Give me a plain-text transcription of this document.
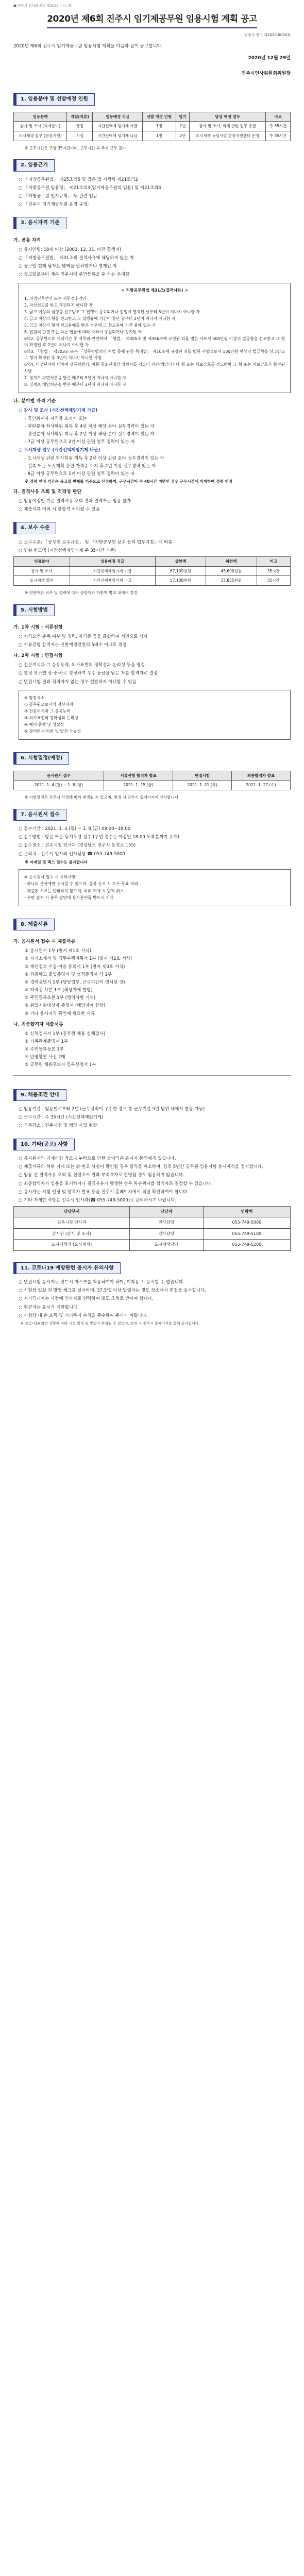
■ 진주시 인사과 공고 제2020-○○○호
2020년 제6회 진주시 임기제공무원 임용시험 계획 공고
진주시 공고 제2020-0000호

2020년 제6회 진주시 임기제공무원 임용시험 계획을 다음과 같이 공고합니다.

2020년 12월 29일
진주시인사위원회위원장
1. 임용분야 및 선발예정 인원
임용분야	직렬(직류)	임용예정 직급	선발 예정 인원	임기	담당 예정 업무	비고
감사 및 조사 (회계분야)	행정	시간선택제 임기제 가급	1명	2년	감사 및 조사, 회계 관련 업무 총괄	주 35시간
도시재생 업무 (현장지원)	시설	시간선택제 임기제 나급	1명	2년	도시재생 뉴딜사업 현장지원센터 운영	주 35시간

※ 근무시간은 주당 35시간이며, 근무시간 외 추가 근무 불가

2. 임용근거

○ 「지방공무원법」 제25조의5 및 같은 법 시행령 제21조의2

○ 「지방공무원 임용령」 제21조의3(임기제공무원의 임용) 및 제21조의4

○ 「지방공무원 인사규칙」 등 관련 법규

○ 「진주시 임기제공무원 운영 규정」

3. 응시자격 기준
가. 공통 자격

○ 응시연령: 18세 이상 (2002. 12. 31. 이전 출생자)

○ 「지방공무원법」 제31조의 결격사유에 해당하지 않는 자

○ 공고일 현재 남자는 병역을 필하였거나 면제된 자

○ 공고일로부터 계속 진주시에 주민등록을 둔 자는 우대함

< 지방공무원법 제31조(결격사유) >

1. 피성년후견인 또는 피한정후견인

2. 파산선고를 받고 복권되지 아니한 자

3. 금고 이상의 실형을 선고받고 그 집행이 종료되거나 집행이 면제된 날부터 5년이 지나지 아니한 자

4. 금고 이상의 형을 선고받고 그 집행유예 기간이 끝난 날부터 2년이 지나지 아니한 자

5. 금고 이상의 형의 선고유예를 받은 경우에 그 선고유예 기간 중에 있는 자

6. 법원의 판결 또는 다른 법률에 따라 자격이 상실되거나 정지된 자

6의2. 공무원으로 재직기간 중 직무와 관련하여 「형법」 제355조 및 제356조에 규정된 죄를 범한 자로서 300만원 이상의 벌금형을 선고받고 그 형이 확정된 후 2년이 지나지 아니한 자

6의3. 「형법」 제303조 또는 「성폭력범죄의 처벌 등에 관한 특례법」 제10조에 규정된 죄를 범한 사람으로서 100만원 이상의 벌금형을 선고받고 그 형이 확정된 후 3년이 지나지 아니한 사람

6의4. 미성년자에 대하여 성폭력범죄, 아동·청소년대상 성범죄를 저질러 파면·해임되거나 형 또는 치료감호를 선고받아 그 형 또는 치료감호가 확정된 사람

7. 징계로 파면처분을 받은 때부터 5년이 지나지 아니한 자

8. 징계로 해임처분을 받은 때부터 3년이 지나지 아니한 자

나. 분야별 자격 기준

○ 감사 및 조사 (시간선택제임기제 가급)

- 공인회계사 자격증 소지자 또는

- 관련분야 학사학위 취득 후 4년 이상 해당 분야 실무경력이 있는 자

- 관련분야 석사학위 취득 후 2년 이상 해당 분야 실무경력이 있는 자

- 7급 이상 공무원으로 2년 이상 관련 업무 경력이 있는 자

○ 도시재생 업무 (시간선택제임기제 나급)

- 도시재생 관련 학사학위 취득 후 2년 이상 관련 분야 실무경력이 있는 자

- 건축 또는 도시계획 관련 자격증 소지 후 2년 이상 실무경력 있는 자

- 8급 이상 공무원으로 1년 이상 관련 업무 경력이 있는 자

※ 경력 인정 기간은 공고일 현재를 기준으로 산정하며, 근무시간이 주 40시간 미만인 경우 근무시간에 비례하여 경력 인정

다. 결격사유 조회 및 적격성 판단

○ 임용예정일 기준 결격사유 조회 결과 결격자는 임용 불가

○ 제출서류 미비 시 불합격 처리될 수 있음

4. 보수 수준

○ 보수수준: 「공무원 보수규정」 및 「지방공무원 보수 등의 업무지침」에 따름

○ 연봉 한도액 (시간선택제임기제 주 35시간 기준)

임용분야	임용예정 직급	상한액	하한액	비고
감사 및 조사	시간선택제임기제 가급	67,109천원	45,690천원	35시간
도시재생 업무	시간선택제임기제 나급	57,108천원	37,855천원	35시간

※ 연봉액은 직무 및 경력에 따라 상한액과 하한액 범위 내에서 결정

5. 시험방법
가. 1차 시험 : 서류전형

○ 자격요건 충족 여부 및 경력, 자격증 등을 종합하여 서면으로 심사

○ 서류전형 합격자는 선발예정인원의 5배수 이내로 결정

나. 2차 시험 : 면접시험

○ 전문지식과 그 응용능력, 의사표현의 정확성과 논리성 등을 평정

○ 평정 요소별 상·중·하로 평정하여 우수 등급을 받은 자를 합격자로 결정

○ 면접시험 결과 적격자가 없는 경우 선발하지 아니할 수 있음

※ 평정요소

① 공무원으로서의 정신자세

② 전문지식과 그 응용능력

③ 의사표현의 정확성과 논리성

④ 예의·품행 및 성실성

⑤ 창의력·의지력 및 발전 가능성

6. 시험일정(예정)
응시원서 접수	서류전형 합격자 발표	면접시험	최종합격자 발표
2021. 1. 4.(월) ~ 1. 8.(금)	2021. 1. 15.(금)	2021. 1. 21.(목)	2021. 1. 27.(수)

※ 시험일정은 진주시 사정에 따라 변경될 수 있으며, 변경 시 진주시 홈페이지에 게시합니다.

7. 응시원서 접수

○ 접수기간 : 2021. 1. 4.(월) ~ 1. 8.(금) 09:00~18:00

○ 접수방법 : 방문 또는 등기우편 접수 (우편 접수는 마감일 18:00 도착분까지 유효)

○ 접수장소 : 진주시청 인사과 (경상남도 진주시 동진로 155)

○ 문의처 : 진주시 인사과 인사담당 ☎ 055-749-5000

※ 이메일 및 팩스 접수는 불가합니다

※ 응시원서 접수 시 유의사항

- 하나의 분야에만 응시할 수 있으며, 중복 응시 시 모두 무효 처리

- 제출된 서류는 반환하지 않으며, 허위 기재 시 합격 취소

- 우편 접수 시 봉투 겉면에 응시분야를 반드시 기재

8. 제출서류
가. 응시원서 접수 시 제출서류

① 응시원서 1부 (별지 제1호 서식)

② 자기소개서 및 직무수행계획서 1부 (별지 제2호 서식)

③ 개인정보 수집·이용 동의서 1부 (별지 제3호 서식)

④ 최종학교 졸업증명서 및 성적증명서 각 1부

⑤ 경력증명서 1부 (담당업무, 근무기간이 명시된 것)

⑥ 자격증 사본 1부 (해당자에 한함)

⑦ 주민등록초본 1부 (병역사항 기재)

⑧ 취업지원대상자 증명서 (해당자에 한함)

⑨ 기타 응시자격 확인에 필요한 서류

나. 최종합격자 제출서류

① 신체검사서 1부 (공무원 채용 신체검사)

② 가족관계증명서 1부

③ 주민등록등본 1부

④ 반명함판 사진 2매

⑤ 공무원 채용후보자 등록신청서 1부

9. 채용조건 안내

○ 임용기간 : 임용일로부터 2년 (근무실적이 우수한 경우 총 근무기간 5년 범위 내에서 연장 가능)

○ 근무시간 : 주 35시간 (시간선택제임기제)

○ 근무장소 : 진주시청 및 해당 사업 현장

10. 기타(공고) 사항

○ 응시원서의 기재사항 착오나 누락으로 인한 불이익은 응시자 본인에게 있습니다.

○ 제출서류의 허위 기재 또는 위·변조 사실이 확인될 경우 합격을 취소하며, 향후 5년간 공무원 임용시험 응시자격을 정지합니다.

○ 임용 전 결격사유 조회 및 신원조사 결과 부적격자로 판명될 경우 임용하지 않습니다.

○ 최종합격자가 임용을 포기하거나 결격사유가 발생한 경우 차순위자를 합격자로 결정할 수 있습니다.

○ 응시자는 시험 일정 및 합격자 발표 등을 진주시 홈페이지에서 직접 확인하여야 합니다.

○ 기타 자세한 사항은 진주시 인사과(☎ 055-749-5000)로 문의하시기 바랍니다.

담당부서	담당자	연락처
진주시청 인사과	인사담당	055-749-5000
감사관 (감사 및 조사)	감사담당	055-749-5100
도시재생과 (도시재생)	도시재생담당	055-749-5200
11. 코로나19 예방관련 응시자 유의사항

○ 면접시험 응시자는 반드시 마스크를 착용하여야 하며, 미착용 시 응시할 수 없습니다.

○ 시험장 입실 전 발열 체크를 실시하며, 37.5℃ 이상 발열자는 별도 장소에서 면접을 실시합니다.

○ 자가격리자는 사전에 인사과로 연락하여 별도 조치를 받아야 합니다.

○ 확진자는 응시가 제한됩니다.

○ 시험장 내 손 소독 및 거리두기 수칙을 준수하여 주시기 바랍니다.

※ 코로나19 확산 상황에 따라 시험 일정 및 방법이 변경될 수 있으며, 변경 시 진주시 홈페이지를 통해 공지합니다.
